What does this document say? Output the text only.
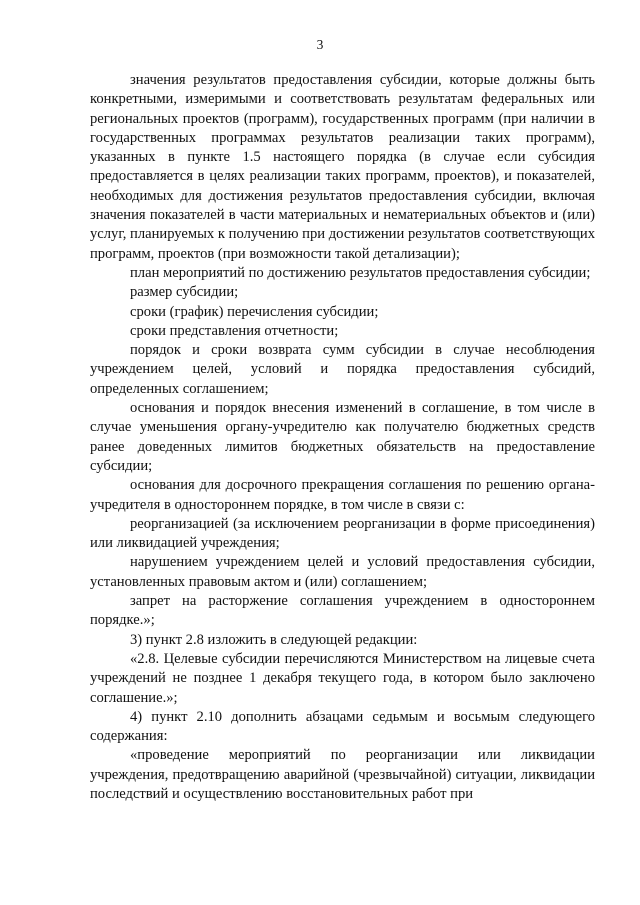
3

значения результатов предоставления субсидии, которые должны быть конкретными, измеримыми и соответствовать результатам федеральных или региональных проектов (программ), государственных программ (при наличии в государственных программах результатов реализации таких программ), указанных в пункте 1.5 настоящего порядка (в случае если субсидия предоставляется в целях реализации таких программ, проектов), и показателей, необходимых для достижения результатов предоставления субсидии, включая значения показателей в части материальных и нематериальных объектов и (или) услуг, планируемых к получению при достижении результатов соответствующих программ, проектов (при возможности такой детализации);

план мероприятий по достижению результатов предоставления субсидии;

размер субсидии;

сроки (график) перечисления субсидии;

сроки представления отчетности;

порядок и сроки возврата сумм субсидии в случае несоблюдения учреждением целей, условий и порядка предоставления субсидий, определенных соглашением;

основания и порядок внесения изменений в соглашение, в том числе в случае уменьшения органу-учредителю как получателю бюджетных средств ранее доведенных лимитов бюджетных обязательств на предоставление субсидии;

основания для досрочного прекращения соглашения по решению органа-учредителя в одностороннем порядке, в том числе в связи с:

реорганизацией (за исключением реорганизации в форме присоединения) или ликвидацией учреждения;

нарушением учреждением целей и условий предоставления субсидии, установленных правовым актом и (или) соглашением;

запрет на расторжение соглашения учреждением в одностороннем порядке.»;

3) пункт 2.8 изложить в следующей редакции:

«2.8. Целевые субсидии перечисляются Министерством на лицевые счета учреждений не позднее 1 декабря текущего года, в котором было заключено соглашение.»;

4) пункт 2.10 дополнить абзацами седьмым и восьмым следующего содержания:

«проведение мероприятий по реорганизации или ликвидации учреждения, предотвращению аварийной (чрезвычайной) ситуации, ликвидации последствий и осуществлению восстановительных работ при
